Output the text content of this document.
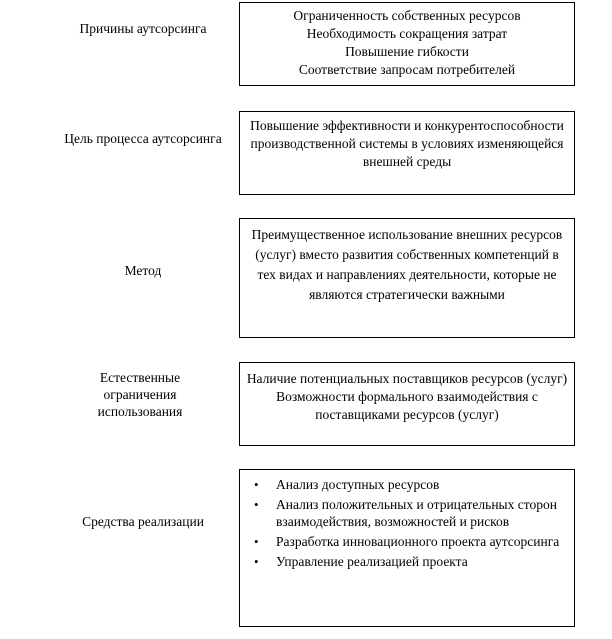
Причины аутсорсинга
Ограниченность собственных ресурсов
Необходимость сокращения затрат
Повышение гибкости
Соответствие запросам потребителей
Цель процесса аутсорсинга
Повышение эффективности и конкурентоспособности производственной системы в условиях изменяющейся внешней среды
Метод
Преимущественное использование внешних ресурсов (услуг) вместо развития собственных компетенций в тех видах и направлениях деятельности, которые не являются стратегически важными
Естественные ограничения использования
Наличие потенциальных поставщиков ресурсов (услуг)
Возможности формального взаимодействия с поставщиками ресурсов (услуг)
Средства реализации
• Анализ доступных ресурсов
• Анализ положительных и отрицательных сторон взаимодействия, возможностей и рисков
• Разработка инновационного проекта аутсорсинга
• Управление реализацией проекта
